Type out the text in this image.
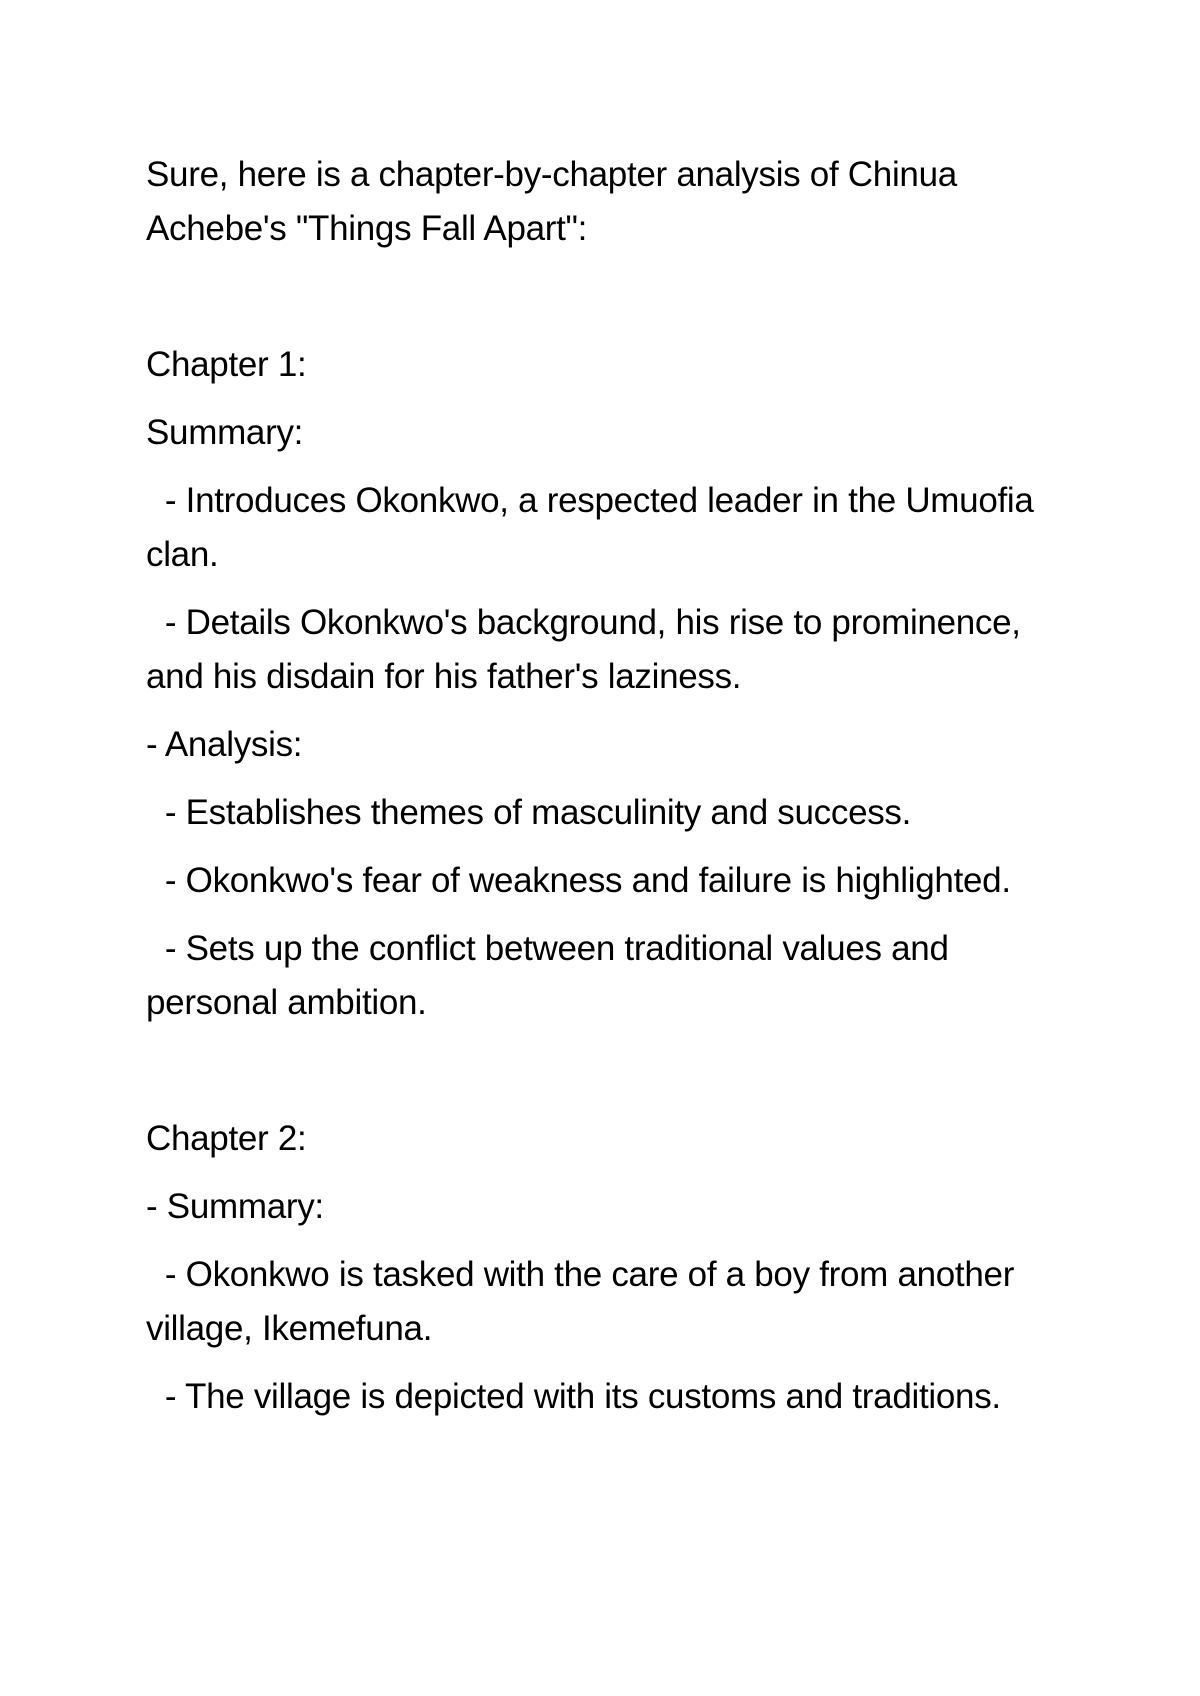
Sure, here is a chapter-by-chapter analysis of Chinua Achebe's "Things Fall Apart":

Chapter 1:

Summary:

- Introduces Okonkwo, a respected leader in the Umuofia clan.

- Details Okonkwo's background, his rise to prominence, and his disdain for his father's laziness.

- Analysis:

- Establishes themes of masculinity and success.

- Okonkwo's fear of weakness and failure is highlighted.

- Sets up the conflict between traditional values and personal ambition.

Chapter 2:

- Summary:

- Okonkwo is tasked with the care of a boy from another village, Ikemefuna.

- The village is depicted with its customs and traditions.
